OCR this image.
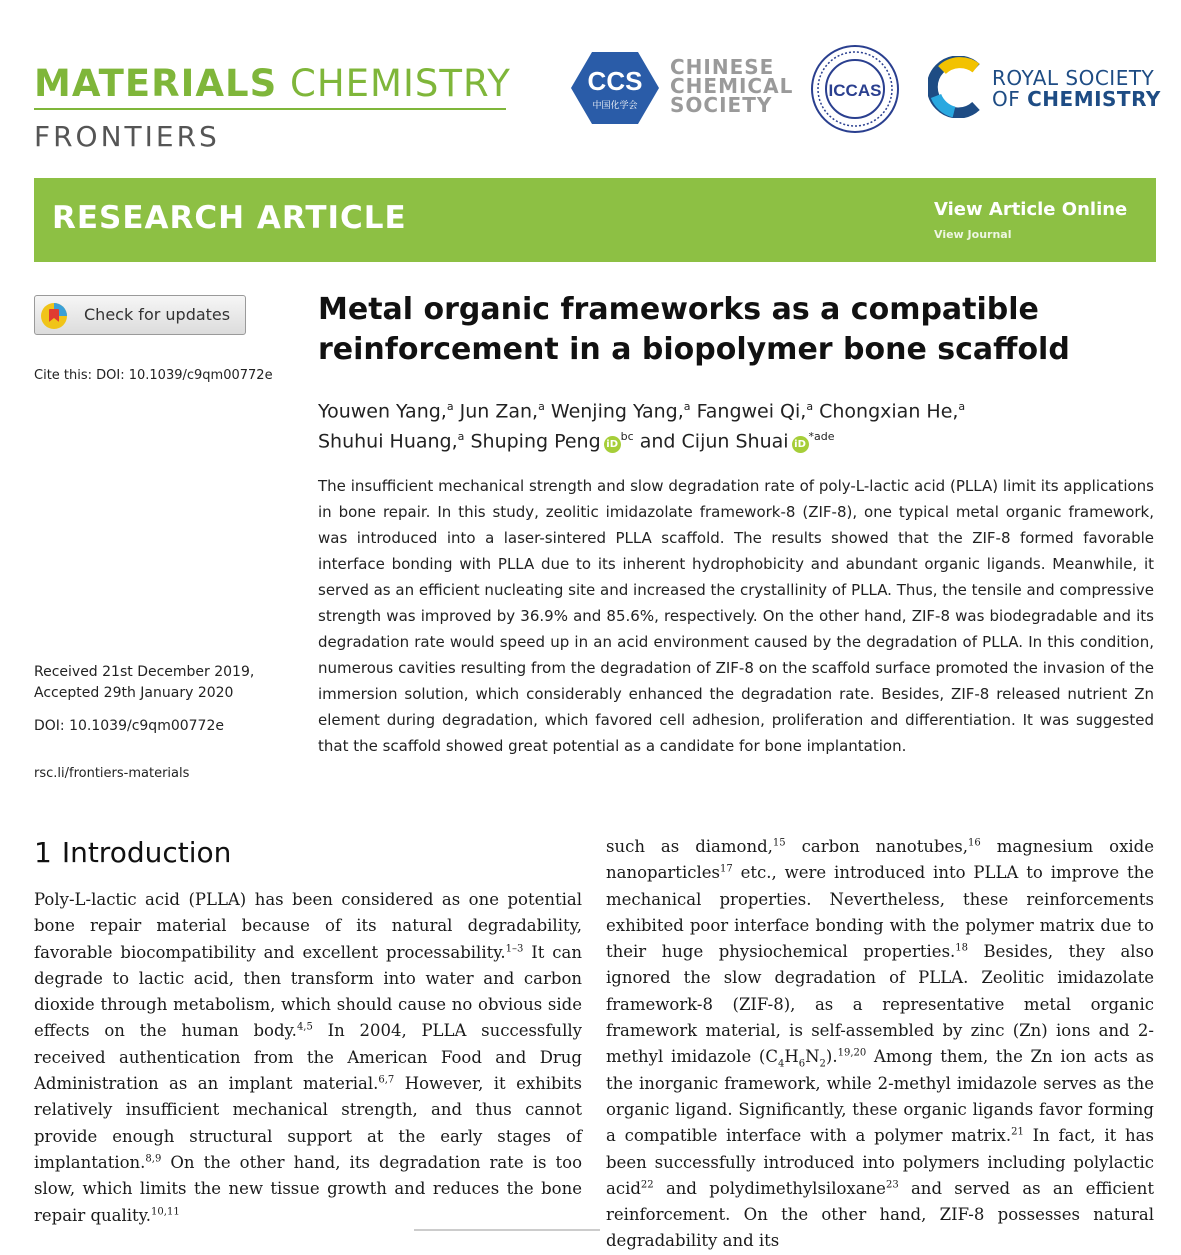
MATERIALS CHEMISTRY
FRONTIERS
CCS
中国化学会
CHINESE
CHEMICAL
SOCIETY
ICCAS
ROYAL SOCIETY
OF CHEMISTRY
RESEARCH ARTICLE	View Article Online
View Journal
Check for updates
Cite this: DOI: 10.1039/c9qm00772e
Received 21st December 2019,
Accepted 29th January 2020
DOI: 10.1039/c9qm00772e
rsc.li/frontiers-materials
Metal organic frameworks as a compatible reinforcement in a biopolymer bone scaffold
Youwen Yang,$^a$ Jun Zan,$^a$ Wenjing Yang,$^a$ Fangwei Qi,$^a$ Chongxian He,$^a$
Shuhui Huang,$^a$ Shuping Peng $iD^{bc}$ and Cijun Shuai $iD^{*ade}$
The insufficient mechanical strength and slow degradation rate of poly-L-lactic acid (PLLA) limit its applications in bone repair. In this study, zeolitic imidazolate framework-8 (ZIF-8), one typical metal organic framework, was introduced into a laser-sintered PLLA scaffold. The results showed that the ZIF-8 formed favorable interface bonding with PLLA due to its inherent hydrophobicity and abundant organic ligands. Meanwhile, it served as an efficient nucleating site and increased the crystallinity of PLLA. Thus, the tensile and compressive strength was improved by 36.9% and 85.6%, respectively. On the other hand, ZIF-8 was biodegradable and its degradation rate would speed up in an acid environment caused by the degradation of PLLA. In this condition, numerous cavities resulting from the degradation of ZIF-8 on the scaffold surface promoted the invasion of the immersion solution, which considerably enhanced the degradation rate. Besides, ZIF-8 released nutrient Zn element during degradation, which favored cell adhesion, proliferation and differentiation. It was suggested that the scaffold showed great potential as a candidate for bone implantation.
1 Introduction
Poly-L-lactic acid (PLLA) has been considered as one potential bone repair material because of its natural degradability, favorable biocompatibility and excellent processability.$^{1-3}$ It can degrade to lactic acid, then transform into water and carbon dioxide through metabolism, which should cause no obvious side effects on the human body.$^{4,5}$ In 2004, PLLA successfully received authentication from the American Food and Drug Administration as an implant material.$^{6,7}$ However, it exhibits relatively insufficient mechanical strength, and thus cannot provide enough structural support at the early stages of implantation.$^{8,9}$ On the other hand, its degradation rate is too slow, which limits the new tissue growth and reduces the bone repair quality.$^{10,11}$
such as diamond,$^{15}$ carbon nanotubes,$^{16}$ magnesium oxide nanoparticles$^{17}$ etc., were introduced into PLLA to improve the mechanical properties. Nevertheless, these reinforcements exhibited poor interface bonding with the polymer matrix due to their huge physiochemical properties.$^{18}$ Besides, they also ignored the slow degradation of PLLA. Zeolitic imidazolate framework-8 (ZIF-8), as a representative metal organic framework material, is self-assembled by zinc (Zn) ions and 2-methyl imidazole $(C_4H_6N_2).^{19,20}$ Among them, the Zn ion acts as the inorganic framework, while 2-methyl imidazole serves as the organic ligand. Significantly, these organic ligands favor forming a compatible interface with a polymer matrix.$^{21}$ In fact, it has been successfully introduced into polymers including polylactic acid$^{22}$ and polydimethylsiloxane$^{23}$ and served as an efficient reinforcement. On the other hand, ZIF-8 possesses natural degradability and its
